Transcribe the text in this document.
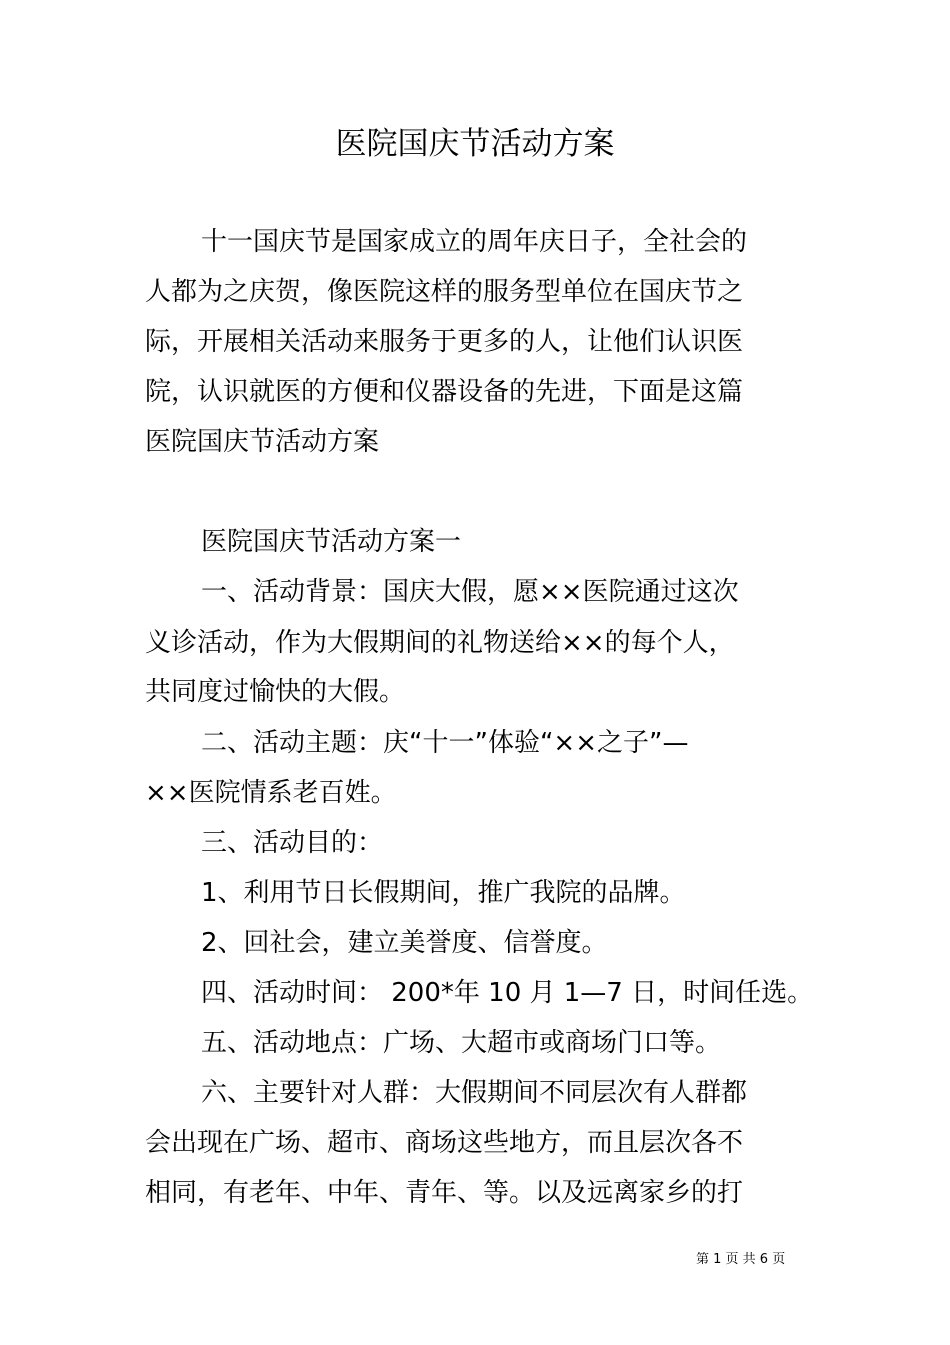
医院国庆节活动方案
十一国庆节是国家成立的周年庆日子，全社会的
人都为之庆贺，像医院这样的服务型单位在国庆节之
际，开展相关活动来服务于更多的人，让他们认识医
院，认识就医的方便和仪器设备的先进，下面是这篇
医院国庆节活动方案
医院国庆节活动方案一
一、活动背景：国庆大假，愿××医院通过这次
义诊活动，作为大假期间的礼物送给××的每个人，
共同度过愉快的大假。
二、活动主题：庆“十一”体验“××之子”—
××医院情系老百姓。
三、活动目的：
1、利用节日长假期间，推广我院的品牌。
2、回社会，建立美誉度、信誉度。
四、活动时间： 200*年 10 月 1—7 日，时间任选。
五、活动地点：广场、大超市或商场门口等。
六、主要针对人群：大假期间不同层次有人群都
会出现在广场、超市、商场这些地方，而且层次各不
相同，有老年、中年、青年、等。以及远离家乡的打
第 1 页 共 6 页
